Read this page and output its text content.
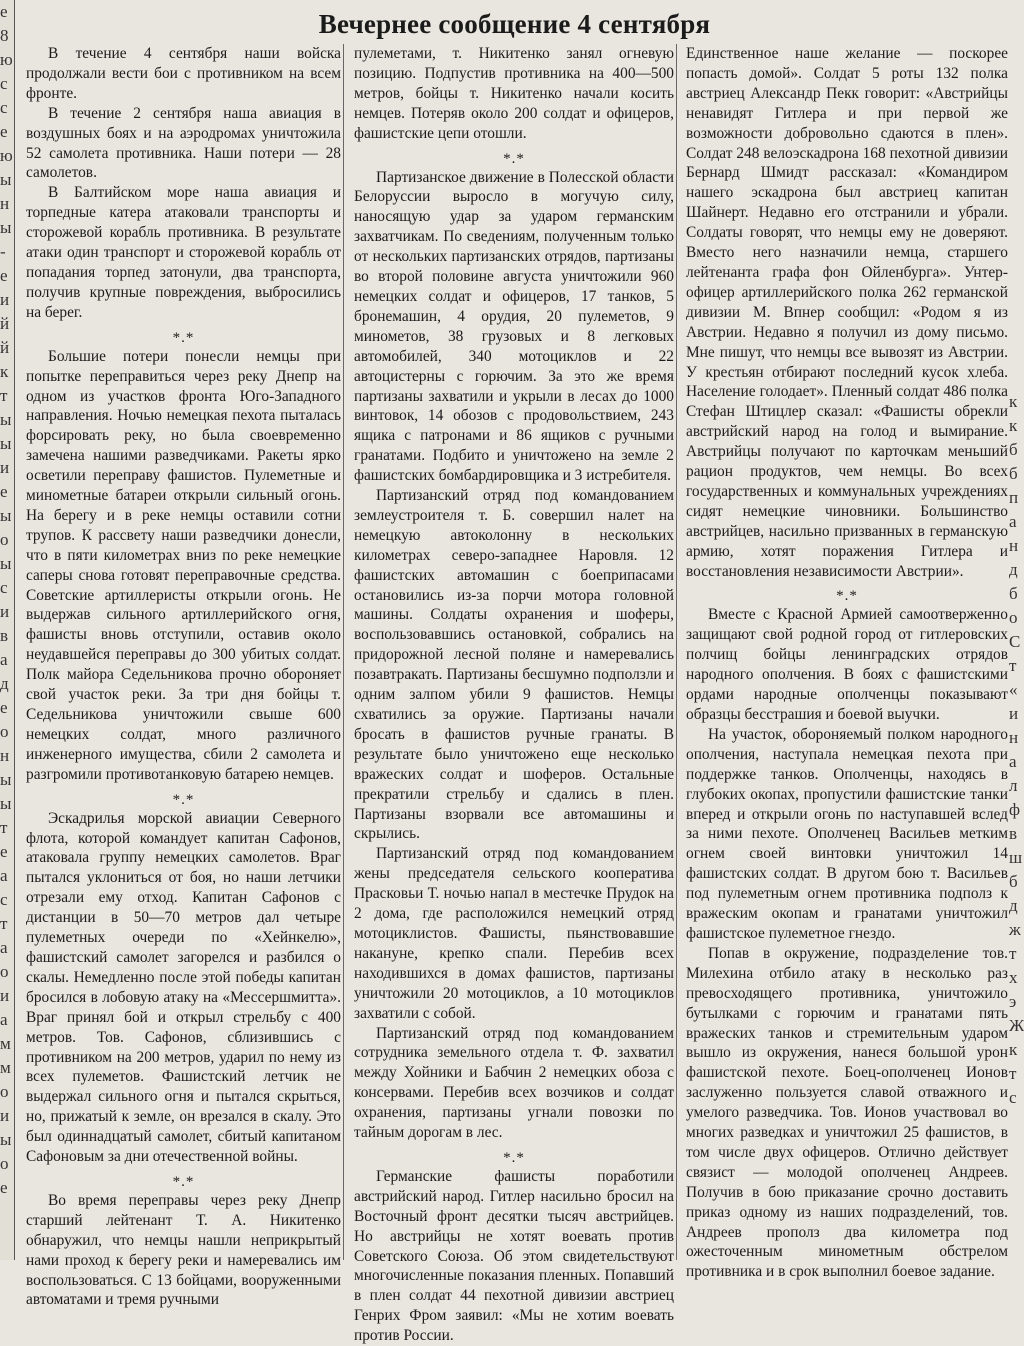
е
8
ю
с
с
е
ю
ы
н
ы
-
е
и
й
й
к
т
ы
ы
и
е
ы
о
ы
с
и
в
а
д
е
о
н
ы
ы
т
е
а
с
т
а
о
и
а
м
м
о
и
ы
о
е
Вечернее сообщение 4 сентября

В течение 4 сентября наши войска продолжали вести бои с противником на всем фронте.

В течение 2 сентября наша авиация в воздушных боях и на аэродромах уничтожила 52 самолета противника. Наши потери — 28 самолетов.

В Балтийском море наша авиация и торпедные катера атаковали транспорты и сторожевой корабль противника. В результате атаки один транспорт и сторожевой корабль от попадания торпед затонули, два транспорта, получив крупные повреждения, выбросились на берег.

*.*

Большие потери понесли немцы при попытке переправиться через реку Днепр на одном из участков фронта Юго-Западного направления. Ночью немецкая пехота пыталась форсировать реку, но была своевременно замечена нашими разведчиками. Ракеты ярко осветили переправу фашистов. Пулеметные и минометные батареи открыли сильный огонь. На берегу и в реке немцы оставили сотни трупов. К рассвету наши разведчики донесли, что в пяти километрах вниз по реке немецкие саперы снова готовят переправочные средства. Советские артиллеристы открыли огонь. Не выдержав сильного артиллерийского огня, фашисты вновь отступили, оставив около неудавшейся переправы до 300 убитых солдат. Полк майора Седельникова прочно обороняет свой участок реки. За три дня бойцы т. Седельникова уничтожили свыше 600 немецких солдат, много различного инженерного имущества, сбили 2 самолета и разгромили противотанковую батарею немцев.

*.*

Эскадрилья морской авиации Северного флота, которой командует капитан Сафонов, атаковала группу немецких самолетов. Враг пытался уклониться от боя, но наши летчики отрезали ему отход. Капитан Сафонов с дистанции в 50—70 метров дал четыре пулеметных очереди по «Хейнкелю», фашистский самолет загорелся и разбился о скалы. Немедленно после этой победы капитан бросился в лобовую атаку на «Мессершмитта». Враг принял бой и открыл стрельбу с 400 метров. Тов. Сафонов, сблизившись с противником на 200 метров, ударил по нему из всех пулеметов. Фашистский летчик не выдержал сильного огня и пытался скрыться, но, прижатый к земле, он врезался в скалу. Это был одиннадцатый самолет, сбитый капитаном Сафоновым за дни отечественной войны.

*.*

Во время переправы через реку Днепр старший лейтенант Т. А. Никитенко обнаружил, что немцы нашли неприкрытый нами проход к берегу реки и намеревались им воспользоваться. С 13 бойцами, вооруженными автоматами и тремя ручными

пулеметами, т. Никитенко занял огневую позицию. Подпустив противника на 400—500 метров, бойцы т. Никитенко начали косить немцев. Потеряв около 200 солдат и офицеров, фашистские цепи отошли.

*.*

Партизанское движение в Полесской области Белоруссии выросло в могучую силу, наносящую удар за ударом германским захватчикам. По сведениям, полученным только от нескольких партизанских отрядов, партизаны во второй половине августа уничтожили 960 немецких солдат и офицеров, 17 танков, 5 бронемашин, 4 орудия, 20 пулеметов, 9 минометов, 38 грузовых и 8 легковых автомобилей, 340 мотоциклов и 22 автоцистерны с горючим. За это же время партизаны захватили и укрыли в лесах до 1000 винтовок, 14 обозов с продовольствием, 243 ящика с патронами и 86 ящиков с ручными гранатами. Подбито и уничтожено на земле 2 фашистских бомбардировщика и 3 истребителя.

Партизанский отряд под командованием землеустроителя т. Б. совершил налет на немецкую автоколонну в нескольких километрах северо-западнее Наровля. 12 фашистских автомашин с боеприпасами остановились из-за порчи мотора головной машины. Солдаты охранения и шоферы, воспользовавшись остановкой, собрались на придорожной лесной поляне и намеревались позавтракать. Партизаны бесшумно подползли и одним залпом убили 9 фашистов. Немцы схватились за оружие. Партизаны начали бросать в фашистов ручные гранаты. В результате было уничтожено еще несколько вражеских солдат и шоферов. Остальные прекратили стрельбу и сдались в плен. Партизаны взорвали все автомашины и скрылись.

Партизанский отряд под командованием жены председателя сельского кооператива Прасковьи Т. ночью напал в местечке Прудок на 2 дома, где расположился немецкий отряд мотоциклистов. Фашисты, пьянствовавшие накануне, крепко спали. Перебив всех находившихся в домах фашистов, партизаны уничтожили 20 мотоциклов, а 10 мотоциклов захватили с собой.

Партизанский отряд под командованием сотрудника земельного отдела т. Ф. захватил между Хойники и Бабчин 2 немецких обоза с консервами. Перебив всех возчиков и солдат охранения, партизаны угнали повозки по тайным дорогам в лес.

*.*

Германские фашисты поработили австрийский народ. Гитлер насильно бросил на Восточный фронт десятки тысяч австрийцев. Но австрийцы не хотят воевать против Советского Союза. Об этом свидетельствуют многочисленные показания пленных. Попавший в плен солдат 44 пехотной дивизии австриец Генрих Фром заявил: «Мы не хотим воевать против России.

Единственное наше желание — поскорее попасть домой». Солдат 5 роты 132 полка австриец Александр Пекк говорит: «Австрийцы ненавидят Гитлера и при первой же возможности добровольно сдаются в плен». Солдат 248 велоэскадрона 168 пехотной дивизии Бернард Шмидт рассказал: «Командиром нашего эскадрона был австриец капитан Шайнерт. Недавно его отстранили и убрали. Солдаты говорят, что немцы ему не доверяют. Вместо него назначили немца, старшего лейтенанта графа фон Ойленбурга». Унтер-офицер артиллерийского полка 262 германской дивизии М. Впнер сообщил: «Родом я из Австрии. Недавно я получил из дому письмо. Мне пишут, что немцы все вывозят из Австрии. У крестьян отбирают последний кусок хлеба. Население голодает». Пленный солдат 486 полка Стефан Штицлер сказал: «Фашисты обрекли австрийский народ на голод и вымирание. Австрийцы получают по карточкам меньший рацион продуктов, чем немцы. Во всех государственных и коммунальных учреждениях сидят немецкие чиновники. Большинство австрийцев, насильно призванных в германскую армию, хотят поражения Гитлера и восстановления независимости Австрии».

*.*

Вместе с Красной Армией самоотверженно защищают свой родной город от гитлеровских полчищ бойцы ленинградских отрядов народного ополчения. В боях с фашистскими ордами народные ополченцы показывают образцы бесстрашия и боевой выучки.

На участок, обороняемый полком народного ополчения, наступала немецкая пехота при поддержке танков. Ополченцы, находясь в глубоких окопах, пропустили фашистские танки вперед и открыли огонь по наступавшей вслед за ними пехоте. Ополченец Васильев метким огнем своей винтовки уничтожил 14 фашистских солдат. В другом бою т. Васильев под пулеметным огнем противника подполз к вражеским окопам и гранатами уничтожил фашистское пулеметное гнездо.

Попав в окружение, подразделение тов. Милехина отбило атаку в несколько раз превосходящего противника, уничтожило бутылками с горючим и гранатами пять вражеских танков и стремительным ударом вышло из окружения, нанеся большой урон фашистской пехоте. Боец-ополченец Ионов заслуженно пользуется славой отважного и умелого разведчика. Тов. Ионов участвовал во многих разведках и уничтожил 25 фашистов, в том числе двух офицеров. Отлично действует связист — молодой ополченец Андреев. Получив в бою приказание срочно доставить приказ одному из наших подразделений, тов. Андреев прополз два километра под ожесточенным минометным обстрелом противника и в срок выполнил боевое задание.

к
к
б
б
п
а
н
д
б
о
С
т
«
и
н
а
л
ф
в
ш
б
д
ж
т
х
э
Ж
к
т
с
